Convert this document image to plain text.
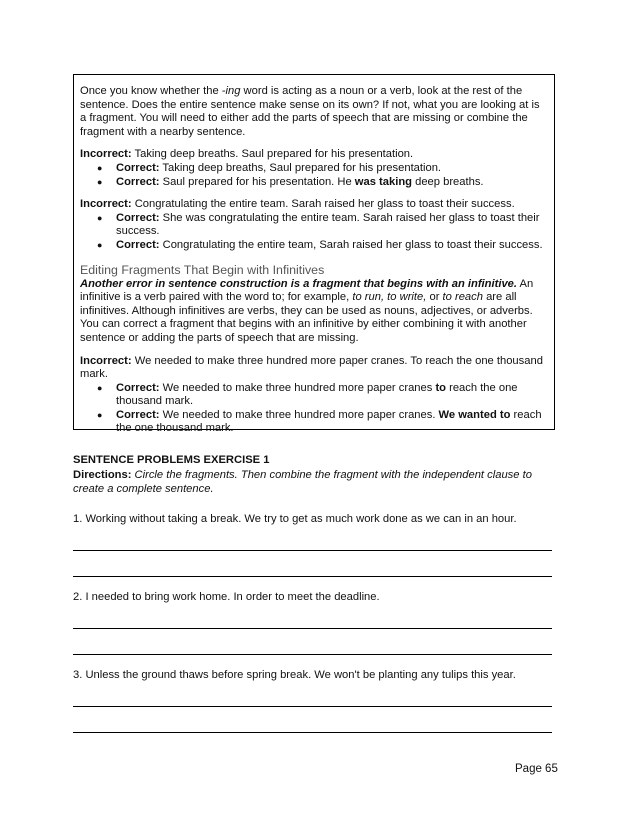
Once you know whether the -ing word is acting as a noun or a verb, look at the rest of the sentence. Does the entire sentence make sense on its own? If not, what you are looking at is a fragment. You will need to either add the parts of speech that are missing or combine the fragment with a nearby sentence.

Incorrect: Taking deep breaths. Saul prepared for his presentation.

● Correct: Taking deep breaths, Saul prepared for his presentation.
● Correct: Saul prepared for his presentation. He was taking deep breaths.

Incorrect: Congratulating the entire team. Sarah raised her glass to toast their success.

● Correct: She was congratulating the entire team. Sarah raised her glass to toast their success.
● Correct: Congratulating the entire team, Sarah raised her glass to toast their success.
Editing Fragments That Begin with Infinitives

Another error in sentence construction is a fragment that begins with an infinitive. An infinitive is a verb paired with the word to; for example, to run, to write, or to reach are all infinitives. Although infinitives are verbs, they can be used as nouns, adjectives, or adverbs. You can correct a fragment that begins with an infinitive by either combining it with another sentence or adding the parts of speech that are missing.

Incorrect: We needed to make three hundred more paper cranes. To reach the one thousand mark.

● Correct: We needed to make three hundred more paper cranes to reach the one thousand mark.
● Correct: We needed to make three hundred more paper cranes. We wanted to reach the one thousand mark.
SENTENCE PROBLEMS EXERCISE 1
Directions: Circle the fragments. Then combine the fragment with the independent clause to create a complete sentence.
1. Working without taking a break. We try to get as much work done as we can in an hour.
2. I needed to bring work home. In order to meet the deadline.
3. Unless the ground thaws before spring break. We won't be planting any tulips this year.
Page 65
